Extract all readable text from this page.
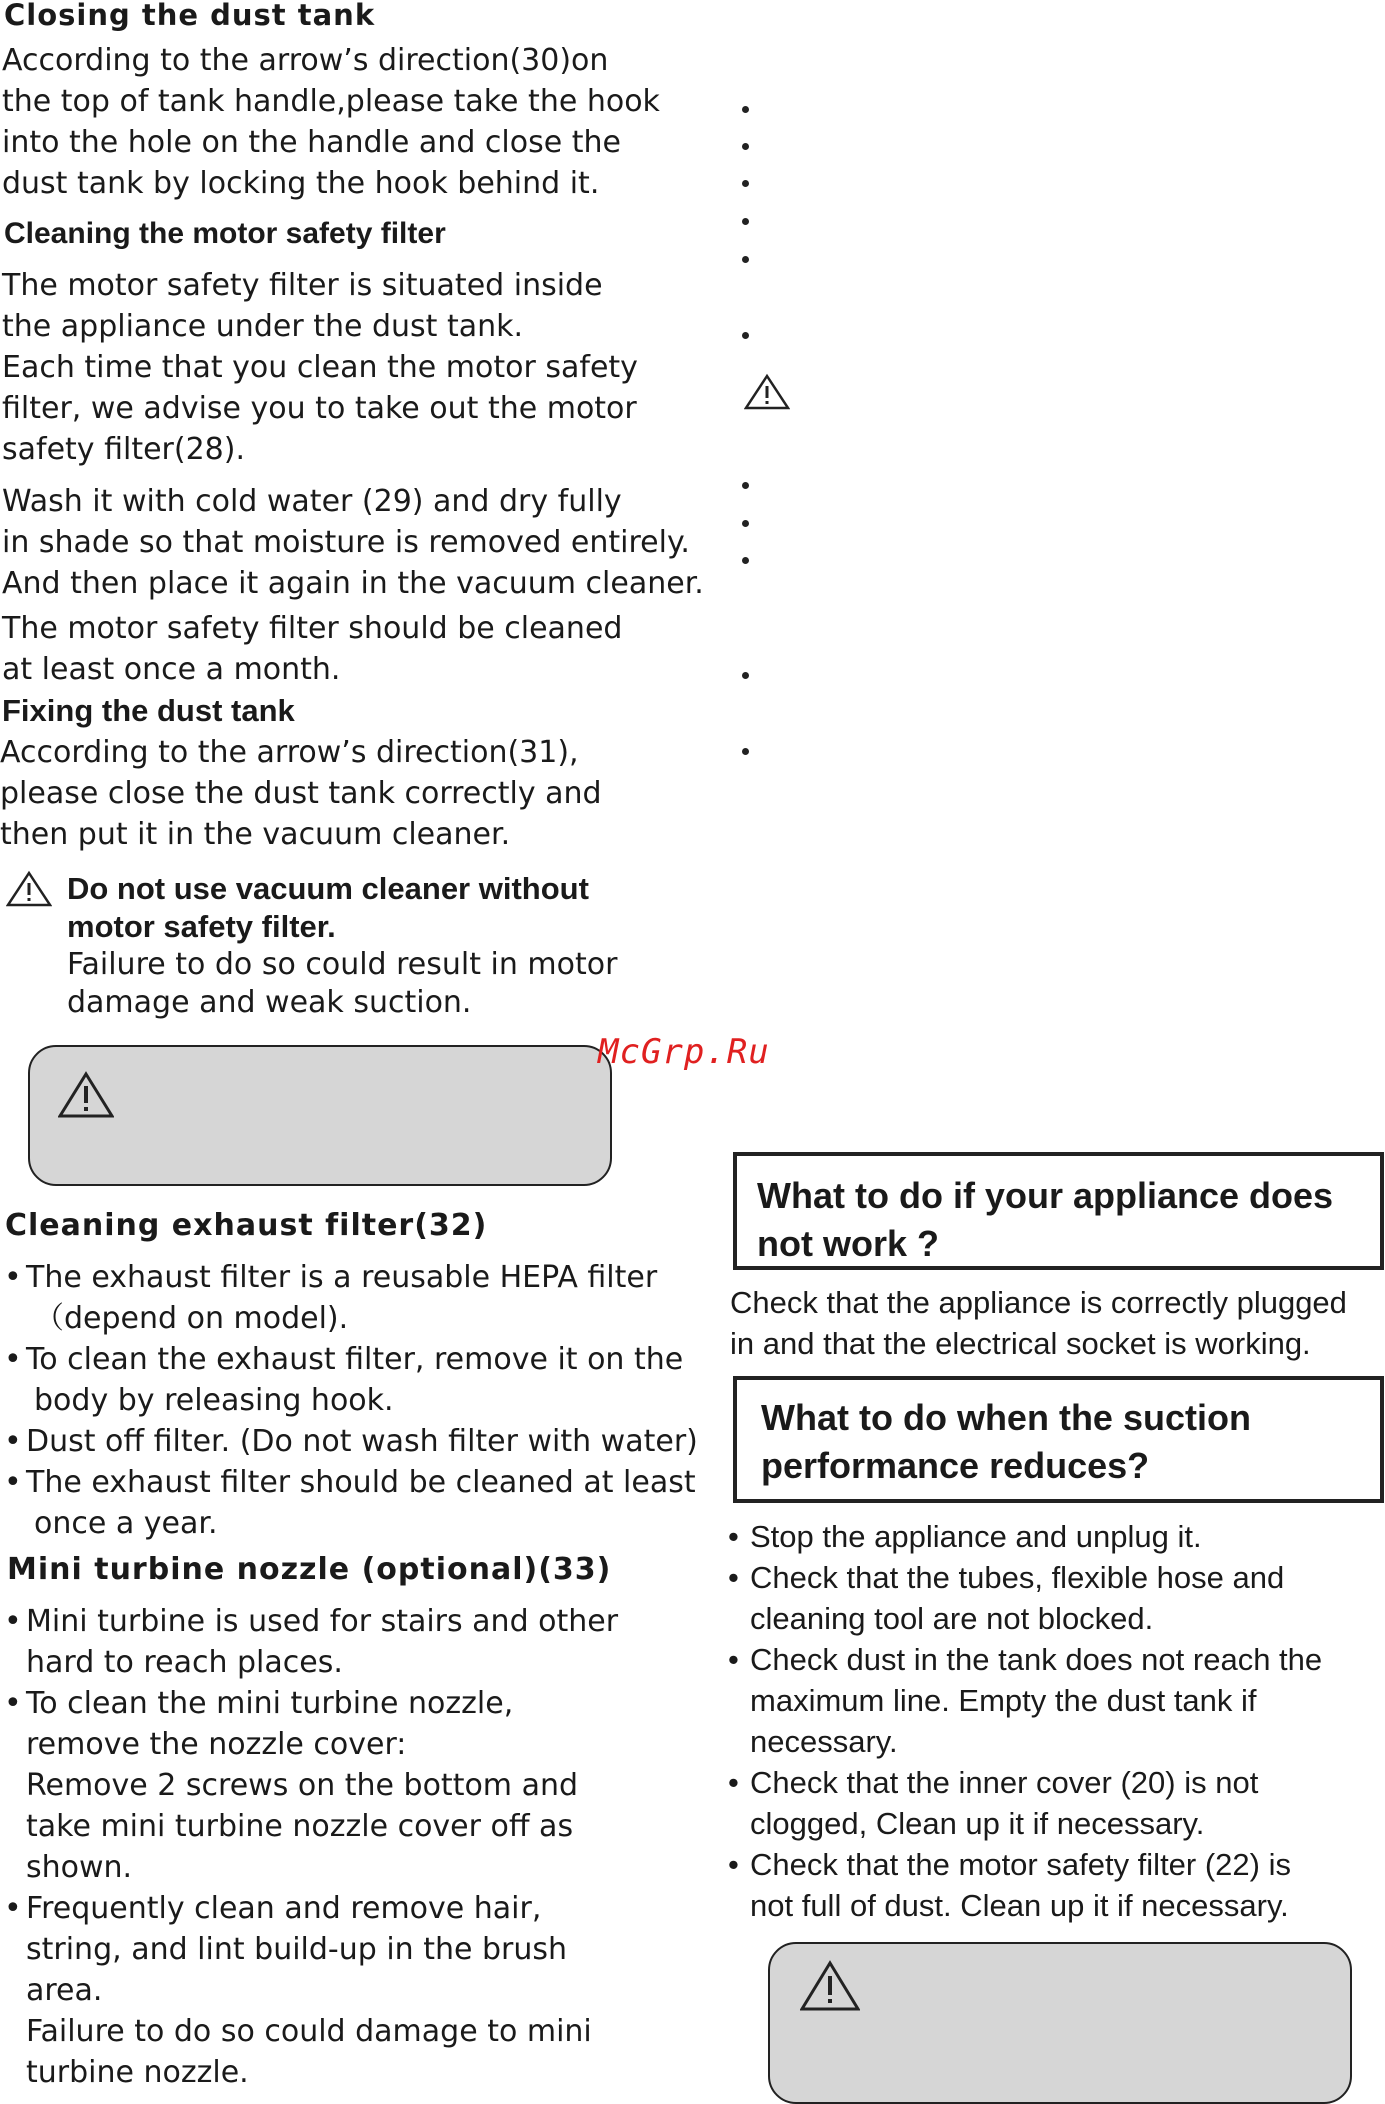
Closing the dust tank

According to the arrow’s direction(30)on

the top of tank handle,please take the hook

into the hole on the handle and close the

dust tank by locking the hook behind it.

Cleaning the motor safety filter

The motor safety filter is situated inside

the appliance under the dust tank.

Each time that you clean the motor safety

filter, we advise you to take out the motor

safety filter(28).

Wash it with cold water (29) and dry fully

in shade so that moisture is removed entirely.

And then place it again in the vacuum cleaner.

The motor safety filter should be cleaned

at least once a month.

Fixing the dust tank

According to the arrow’s direction(31),

please close the dust tank correctly and

then put it in the vacuum cleaner.

Do not use vacuum cleaner without

motor safety filter.

Failure to do so could result in motor

damage and weak suction.

McGrp.Ru
Cleaning exhaust filter(32)
• The exhaust filter is a reusable HEPA filter
（depend on model).
• To clean the exhaust filter, remove it on the
body by releasing hook.
• Dust off filter. (Do not wash filter with water)
• The exhaust filter should be cleaned at least
once a year.
Mini turbine nozzle (optional)(33)
• Mini turbine is used for stairs and other
hard to reach places.
• To clean the mini turbine nozzle,
remove the nozzle cover:
Remove 2 screws on the bottom and
take mini turbine nozzle cover off as
shown.
• Frequently clean and remove hair,
string, and lint build-up in the brush
area.
Failure to do so could damage to mini
turbine nozzle.
What to do if your appliance does
not work ?

Check that the appliance is correctly plugged

in and that the electrical socket is working.

What to do when the suction
performance reduces?
• Stop the appliance and unplug it.
• Check that the tubes, flexible hose and
cleaning tool are not blocked.
• Check dust in the tank does not reach the
maximum line. Empty the dust tank if
necessary.
• Check that the inner cover (20) is not
clogged, Clean up it if necessary.
• Check that the motor safety filter (22) is
not full of dust. Clean up it if necessary.
